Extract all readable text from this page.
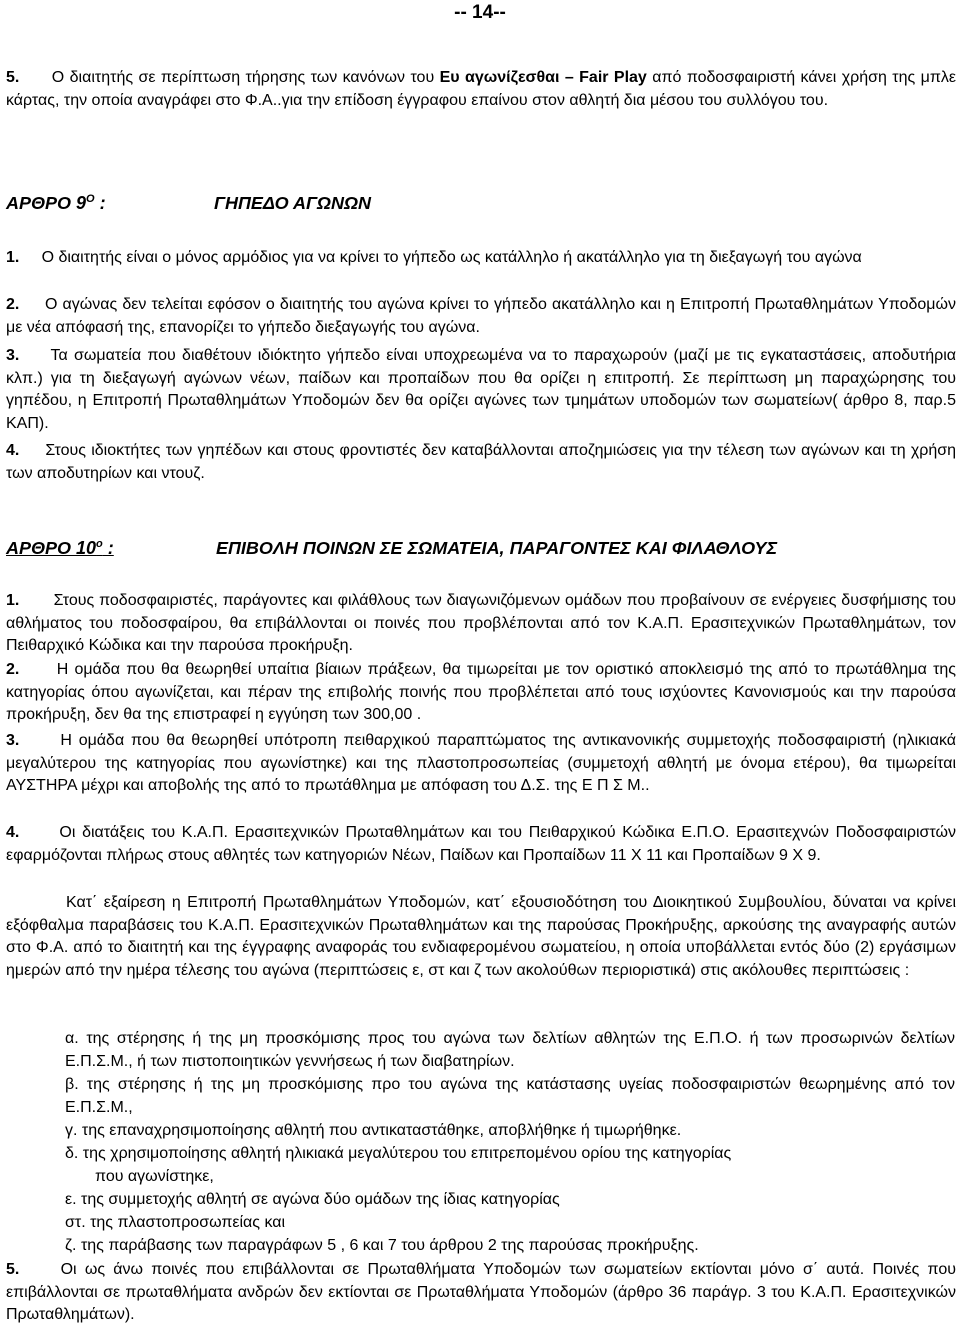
-- 14--
5. Ο διαιτητής σε περίπτωση τήρησης των κανόνων του Ευ αγωνίζεσθαι – Fair Play από ποδοσφαιριστή κάνει χρήση της μπλε κάρτας, την οποία αναγράφει στο Φ.Α..για την επίδοση έγγραφου επαίνου στον αθλητή δια μέσου του συλλόγου του.
ΑΡΘΡΟ $9^O$ :	ΓΗΠΕΔΟ ΑΓΩΝΩΝ
1. Ο διαιτητής είναι ο μόνος αρμόδιος για να κρίνει το γήπεδο ως κατάλληλο ή ακατάλληλο για τη διεξαγωγή του αγώνα
2. Ο αγώνας δεν τελείται εφόσον ο διαιτητής του αγώνα κρίνει το γήπεδο ακατάλληλο και η Επιτροπή Πρωταθλημάτων Υποδομών με νέα απόφασή της, επανορίζει το γήπεδο διεξαγωγής του αγώνα.
3. Τα σωματεία που διαθέτουν ιδιόκτητο γήπεδο είναι υποχρεωμένα να το παραχωρούν (μαζί με τις εγκαταστάσεις, αποδυτήρια κλπ.) για τη διεξαγωγή αγώνων νέων, παίδων και προπαίδων που θα ορίζει η επιτροπή. Σε περίπτωση μη παραχώρησης του γηπέδου, η Επιτροπή Πρωταθλημάτων Υποδομών δεν θα ορίζει αγώνες των τμημάτων υποδομών των σωματείων( άρθρο 8, παρ.5 ΚΑΠ).
4. Στους ιδιοκτήτες των γηπέδων και στους φροντιστές δεν καταβάλλονται αποζημιώσεις για την τέλεση των αγώνων και τη χρήση των αποδυτηρίων και ντουζ.
ΑΡΘΡΟ $10^o$ :	ΕΠΙΒΟΛΗ ΠΟΙΝΩΝ ΣΕ ΣΩΜΑΤΕΙΑ, ΠΑΡΑΓΟΝΤΕΣ ΚΑΙ ΦΙΛΑΘΛΟΥΣ
1. Στους ποδοσφαιριστές, παράγοντες και φιλάθλους των διαγωνιζόμενων ομάδων που προβαίνουν σε ενέργειες δυσφήμισης του αθλήματος του ποδοσφαίρου, θα επιβάλλονται οι ποινές που προβλέπονται από τον Κ.Α.Π. Ερασιτεχνικών Πρωταθλημάτων, τον Πειθαρχικό Κώδικα και την παρούσα προκήρυξη.
2. Η ομάδα που θα θεωρηθεί υπαίτια βίαιων πράξεων, θα τιμωρείται με τον οριστικό αποκλεισμό της από το πρωτάθλημα της κατηγορίας όπου αγωνίζεται, και πέραν της επιβολής ποινής που προβλέπεται από τους ισχύοντες Κανονισμούς και την παρούσα προκήρυξη, δεν θα της επιστραφεί η εγγύηση των 300,00 .
3.	Η ομάδα που θα θεωρηθεί υπότροπη πειθαρχικού παραπτώματος της αντικανονικής συμμετοχής ποδοσφαιριστή (ηλικιακά μεγαλύτερου της κατηγορίας που αγωνίστηκε) και της πλαστοπροσωπείας (συμμετοχή αθλητή με όνομα ετέρου), θα τιμωρείται ΑΥΣΤΗΡΑ μέχρι και αποβολής της από το πρωτάθλημα με απόφαση του Δ.Σ. της Ε Π Σ Μ..
4.	Οι διατάξεις του Κ.Α.Π. Ερασιτεχνικών Πρωταθλημάτων και του Πειθαρχικού Κώδικα Ε.Π.Ο. Ερασιτεχνών Ποδοσφαιριστών εφαρμόζονται πλήρως στους αθλητές των κατηγοριών Νέων, Παίδων και Προπαίδων 11 Χ 11 και Προπαίδων 9 Χ 9.
Κατ΄ εξαίρεση η Επιτροπή Πρωταθλημάτων Υποδομών, κατ΄ εξουσιοδότηση του Διοικητικού Συμβουλίου, δύναται να κρίνει εξόφθαλμα παραβάσεις του Κ.Α.Π. Ερασιτεχνικών Πρωταθλημάτων και της παρούσας Προκήρυξης, αρκούσης της αναγραφής αυτών στο Φ.Α. από το διαιτητή και της έγγραφης αναφοράς του ενδιαφερομένου σωματείου, η οποία υποβάλλεται εντός δύο (2) εργάσιμων ημερών από την ημέρα τέλεσης του αγώνα (περιπτώσεις ε, στ και ζ των ακολούθων περιοριστικά) στις ακόλουθες περιπτώσεις :
α. της στέρησης ή της μη προσκόμισης προς του αγώνα των δελτίων αθλητών της Ε.Π.Ο. ή των προσωρινών δελτίων Ε.Π.Σ.Μ., ή των πιστοποιητικών γεννήσεως ή των διαβατηρίων.
β. της στέρησης ή της μη προσκόμισης προ του αγώνα της κατάστασης υγείας ποδοσφαιριστών θεωρημένης από τον Ε.Π.Σ.Μ.,
γ. της επαναχρησιμοποίησης αθλητή που αντικαταστάθηκε, αποβλήθηκε ή τιμωρήθηκε.
δ. της χρησιμοποίησης αθλητή ηλικιακά μεγαλύτερου του επιτρεπομένου ορίου της κατηγορίας
που αγωνίστηκε,
ε. της συμμετοχής αθλητή σε αγώνα δύο ομάδων της ίδιας κατηγορίας
στ. της πλαστοπροσωπείας και
ζ. της παράβασης των παραγράφων 5 , 6 και 7 του άρθρου 2 της παρούσας προκήρυξης.
5.	Οι ως άνω ποινές που επιβάλλονται σε Πρωταθλήματα Υποδομών των σωματείων εκτίονται μόνο σ΄ αυτά. Ποινές που επιβάλλονται σε πρωταθλήματα ανδρών δεν εκτίονται σε Πρωταθλήματα Υποδομών (άρθρο 36 παράγρ. 3 του Κ.Α.Π. Ερασιτεχνικών Πρωταθλημάτων).
